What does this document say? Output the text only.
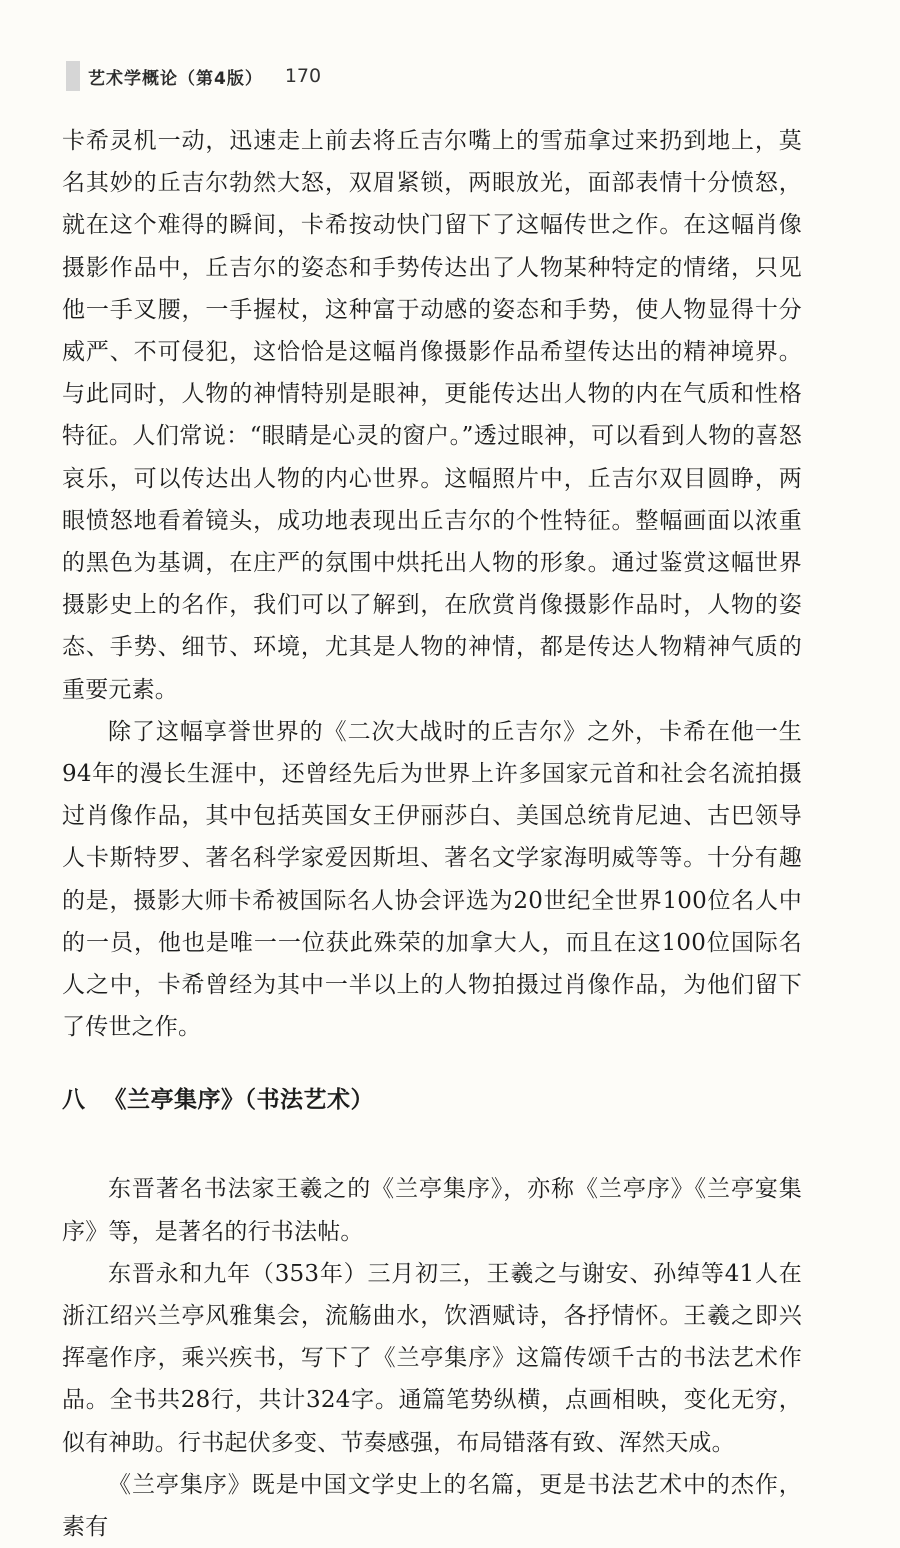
艺术学概论（第4版） 170

卡希灵机一动，迅速走上前去将丘吉尔嘴上的雪茄拿过来扔到地上，莫名其妙的丘吉尔勃然大怒，双眉紧锁，两眼放光，面部表情十分愤怒，就在这个难得的瞬间，卡希按动快门留下了这幅传世之作。在这幅肖像摄影作品中，丘吉尔的姿态和手势传达出了人物某种特定的情绪，只见他一手叉腰，一手握杖，这种富于动感的姿态和手势，使人物显得十分威严、不可侵犯，这恰恰是这幅肖像摄影作品希望传达出的精神境界。与此同时，人物的神情特别是眼神，更能传达出人物的内在气质和性格特征。人们常说：“眼睛是心灵的窗户。”透过眼神，可以看到人物的喜怒哀乐，可以传达出人物的内心世界。这幅照片中，丘吉尔双目圆睁，两眼愤怒地看着镜头，成功地表现出丘吉尔的个性特征。整幅画面以浓重的黑色为基调，在庄严的氛围中烘托出人物的形象。通过鉴赏这幅世界摄影史上的名作，我们可以了解到，在欣赏肖像摄影作品时，人物的姿态、手势、细节、环境，尤其是人物的神情，都是传达人物精神气质的重要元素。

除了这幅享誉世界的《二次大战时的丘吉尔》之外，卡希在他一生94年的漫长生涯中，还曾经先后为世界上许多国家元首和社会名流拍摄过肖像作品，其中包括英国女王伊丽莎白、美国总统肯尼迪、古巴领导人卡斯特罗、著名科学家爱因斯坦、著名文学家海明威等等。十分有趣的是，摄影大师卡希被国际名人协会评选为20世纪全世界100位名人中的一员，他也是唯一一位获此殊荣的加拿大人，而且在这100位国际名人之中，卡希曾经为其中一半以上的人物拍摄过肖像作品，为他们留下了传世之作。

八 《兰亭集序》（书法艺术）

东晋著名书法家王羲之的《兰亭集序》，亦称《兰亭序》《兰亭宴集序》等，是著名的行书法帖。

东晋永和九年（353年）三月初三，王羲之与谢安、孙绰等41人在浙江绍兴兰亭风雅集会，流觞曲水，饮酒赋诗，各抒情怀。王羲之即兴挥毫作序，乘兴疾书，写下了《兰亭集序》这篇传颂千古的书法艺术作品。全书共28行，共计324字。通篇笔势纵横，点画相映，变化无穷，似有神助。行书起伏多变、节奏感强，布局错落有致、浑然天成。

《兰亭集序》既是中国文学史上的名篇，更是书法艺术中的杰作，素有
